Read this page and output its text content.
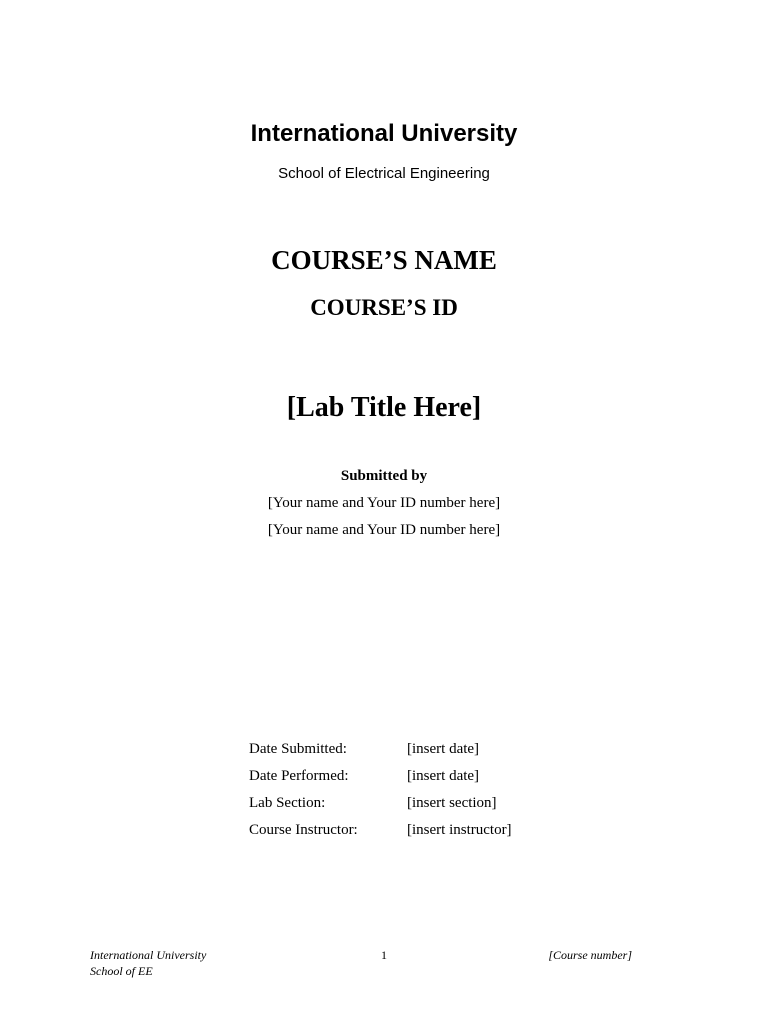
International University
School of Electrical Engineering
COURSE’S NAME
COURSE’S ID
[Lab Title Here]
Submitted by
[Your name and Your ID number here]
[Your name and Your ID number here]
Date Submitted:	[insert date]
Date Performed:	[insert date]
Lab Section:	[insert section]
Course Instructor:	[insert instructor]
International University
School of EE
1	[Course number]
